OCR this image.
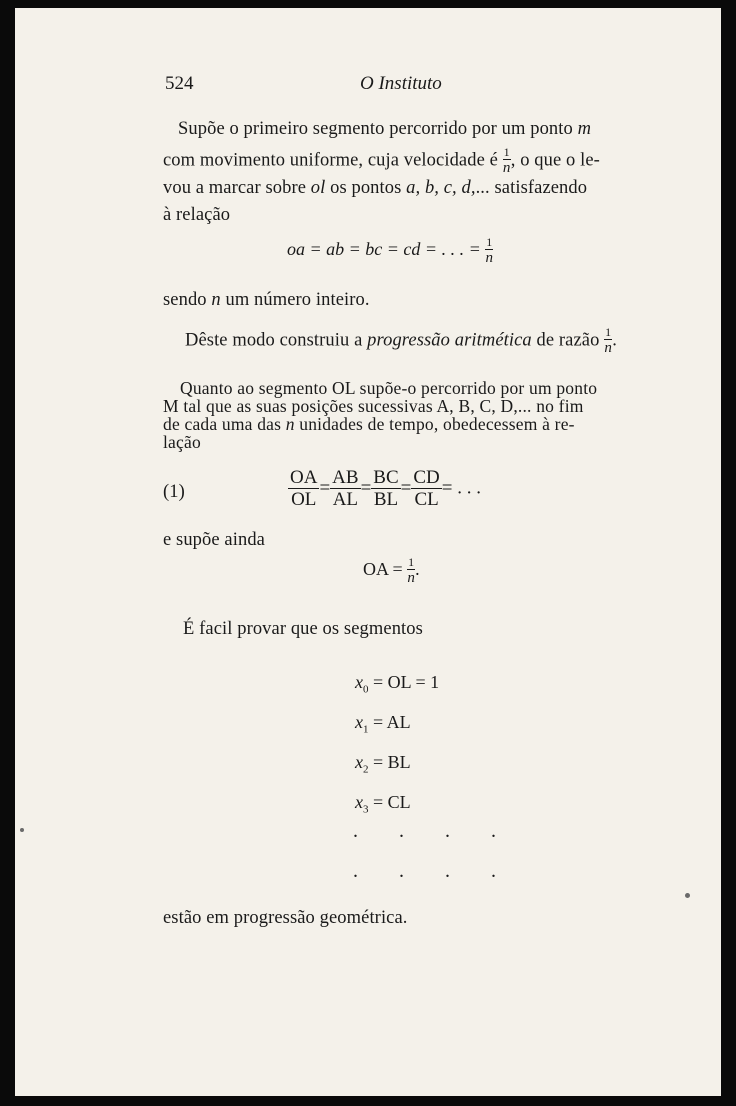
524	O Instituto
Supõe o primeiro segmento percorrido por um ponto m
com movimento uniforme, cuja velocidade é $\frac{1}{n}$ , o que o le-
vou a marcar sobre ol os pontos a, b, c, d,... satisfazendo
à relação
oa = ab = bc = cd = . . . = $\frac{1}{n}$
sendo n um número inteiro.
Dêste modo construiu a progressão aritmética de razão $\frac{1}{n}$ .
Quanto ao segmento OL supõe-o percorrido por um ponto
M tal que as suas posições sucessivas A, B, C, D,... no fim
de cada uma das n unidades de tempo, obedecessem à re-
lação
(1)	$\frac{OA}{OL} = \frac{AB}{AL} = \frac{BC}{BL} = \frac{CD}{CL}$ = . . .
e supõe ainda
OA = $\frac{1}{n}$ .
É facil provar que os segmentos
$x_0$ = OL = 1
$x_1$ = AL
$x_2$ = BL
$x_3$ = CL
. . . .
. . . .
estão em progressão geométrica.
